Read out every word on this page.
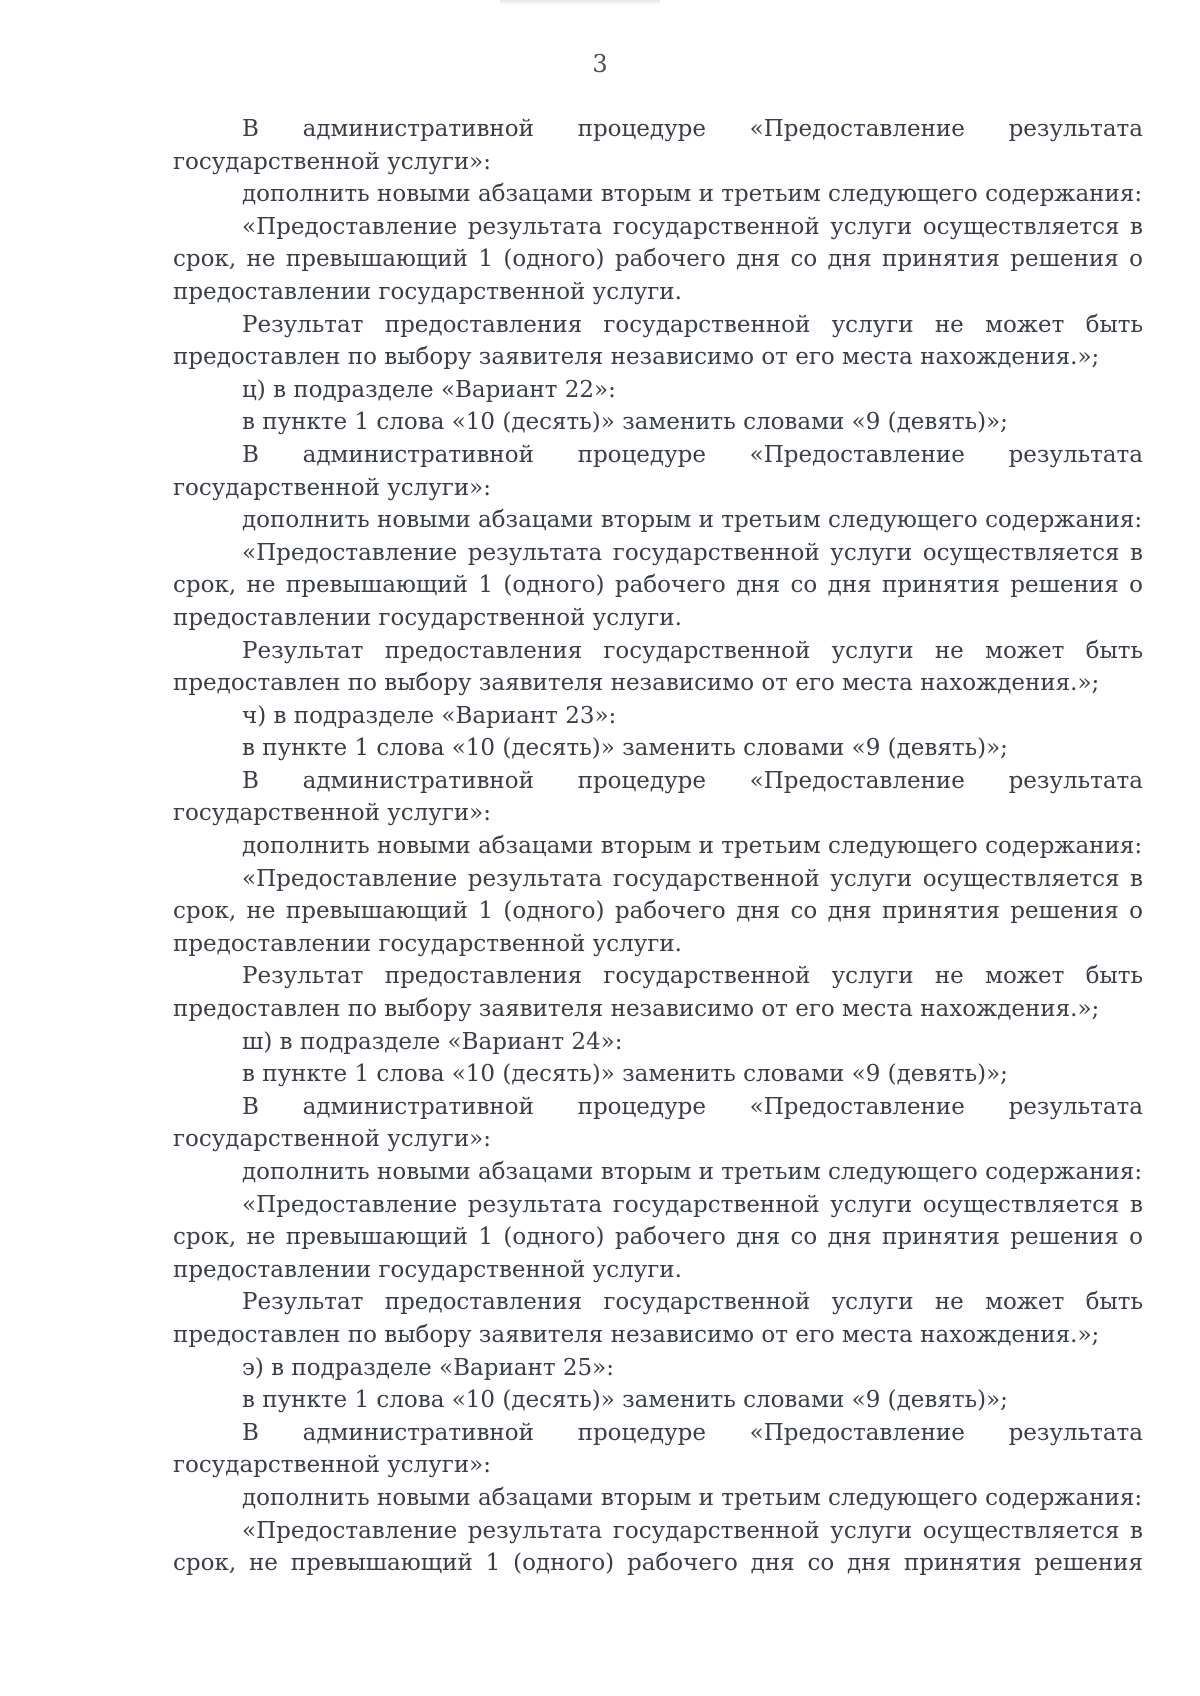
3

В административной процедуре «Предоставление результата государственной услуги»:

дополнить новыми абзацами вторым и третьим следующего содержания:

«Предоставление результата государственной услуги осуществляется в срок, не превышающий 1 (одного) рабочего дня со дня принятия решения о предоставлении государственной услуги.

Результат предоставления государственной услуги не может быть предоставлен по выбору заявителя независимо от его места нахождения.»;

ц) в подразделе «Вариант 22»:

в пункте 1 слова «10 (десять)» заменить словами «9 (девять)»;

В административной процедуре «Предоставление результата государственной услуги»:

дополнить новыми абзацами вторым и третьим следующего содержания:

«Предоставление результата государственной услуги осуществляется в срок, не превышающий 1 (одного) рабочего дня со дня принятия решения о предоставлении государственной услуги.

Результат предоставления государственной услуги не может быть предоставлен по выбору заявителя независимо от его места нахождения.»;

ч) в подразделе «Вариант 23»:

в пункте 1 слова «10 (десять)» заменить словами «9 (девять)»;

В административной процедуре «Предоставление результата государственной услуги»:

дополнить новыми абзацами вторым и третьим следующего содержания:

«Предоставление результата государственной услуги осуществляется в срок, не превышающий 1 (одного) рабочего дня со дня принятия решения о предоставлении государственной услуги.

Результат предоставления государственной услуги не может быть предоставлен по выбору заявителя независимо от его места нахождения.»;

ш) в подразделе «Вариант 24»:

в пункте 1 слова «10 (десять)» заменить словами «9 (девять)»;

В административной процедуре «Предоставление результата государственной услуги»:

дополнить новыми абзацами вторым и третьим следующего содержания:

«Предоставление результата государственной услуги осуществляется в срок, не превышающий 1 (одного) рабочего дня со дня принятия решения о предоставлении государственной услуги.

Результат предоставления государственной услуги не может быть предоставлен по выбору заявителя независимо от его места нахождения.»;

э) в подразделе «Вариант 25»:

в пункте 1 слова «10 (десять)» заменить словами «9 (девять)»;

В административной процедуре «Предоставление результата государственной услуги»:

дополнить новыми абзацами вторым и третьим следующего содержания:

«Предоставление результата государственной услуги осуществляется в срок, не превышающий 1 (одного) рабочего дня со дня принятия решения
